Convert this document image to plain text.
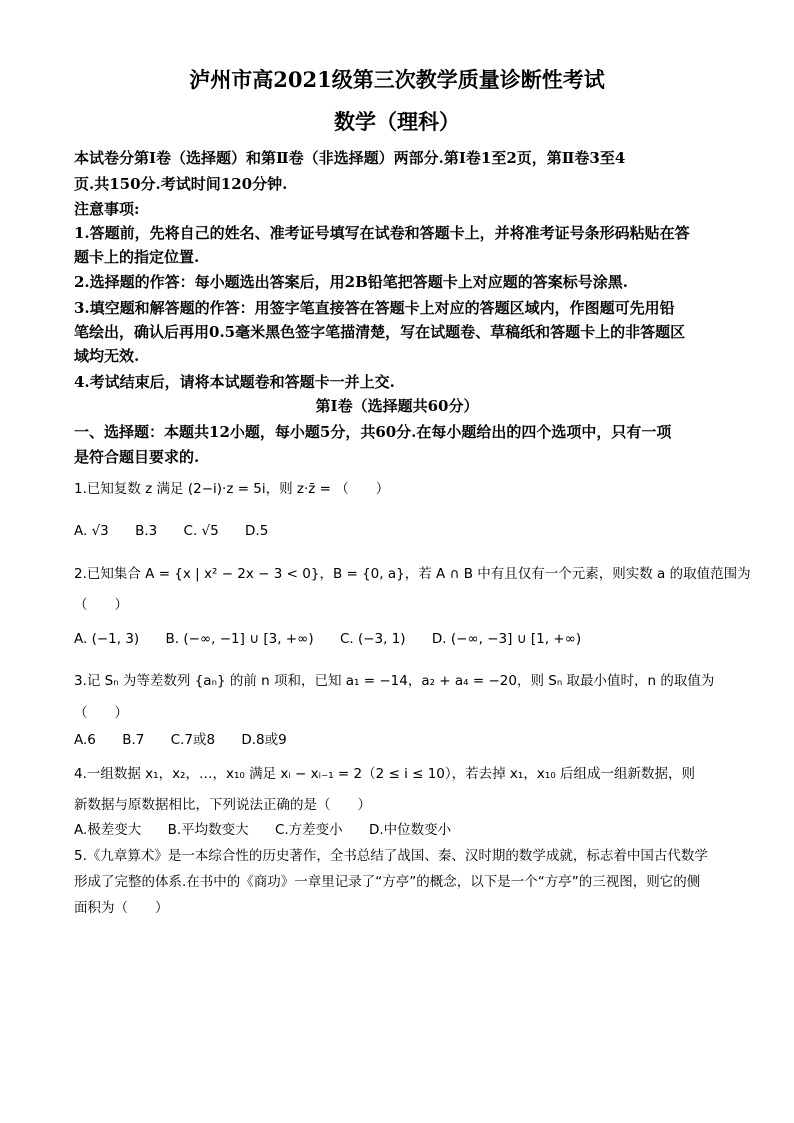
泸州市高2021级第三次教学质量诊断性考试
数学（理科）
本试卷分第Ⅰ卷（选择题）和第Ⅱ卷（非选择题）两部分.第Ⅰ卷1至2页，第Ⅱ卷3至4
页.共150分.考试时间120分钟.
注意事项:
1.答题前，先将自己的姓名、准考证号填写在试卷和答题卡上，并将准考证号条形码粘贴在答
题卡上的指定位置.
2.选择题的作答：每小题选出答案后，用2B铅笔把答题卡上对应题的答案标号涂黑.
3.填空题和解答题的作答：用签字笔直接答在答题卡上对应的答题区域内，作图题可先用铅
笔绘出，确认后再用0.5毫米黑色签字笔描清楚，写在试题卷、草稿纸和答题卡上的非答题区
域均无效.
4.考试结束后，请将本试题卷和答题卡一并上交.
第Ⅰ卷（选择题共60分）
一、选择题：本题共12小题，每小题5分，共60分.在每小题给出的四个选项中，只有一项
是符合题目要求的.
1.已知复数 z 满足 (2−i)·z = 5i，则 z·z̄ = （　　）
A. √3 B.3 C. √5 D.5
2.已知集合 A = {x | x² − 2x − 3 < 0}，B = {0, a}，若 A ∩ B 中有且仅有一个元素，则实数 a 的取值范围为
（　　）
A. (−1, 3) B. (−∞, −1] ∪ [3, +∞) C. (−3, 1) D. (−∞, −3] ∪ [1, +∞)
3.记 Sₙ 为等差数列 {aₙ} 的前 n 项和，已知 a₁ = −14，a₂ + a₄ = −20，则 Sₙ 取最小值时，n 的取值为
（　　）
A.6 B.7 C.7或8 D.8或9
4.一组数据 x₁，x₂，…，x₁₀ 满足 xᵢ − xᵢ₋₁ = 2（2 ≤ i ≤ 10），若去掉 x₁，x₁₀ 后组成一组新数据，则
新数据与原数据相比，下列说法正确的是（　　）
A.极差变大 B.平均数变大 C.方差变小 D.中位数变小
5.《九章算术》是一本综合性的历史著作，全书总结了战国、秦、汉时期的数学成就，标志着中国古代数学
形成了完整的体系.在书中的《商功》一章里记录了“方亭”的概念，以下是一个“方亭”的三视图，则它的侧
面积为（　　）
